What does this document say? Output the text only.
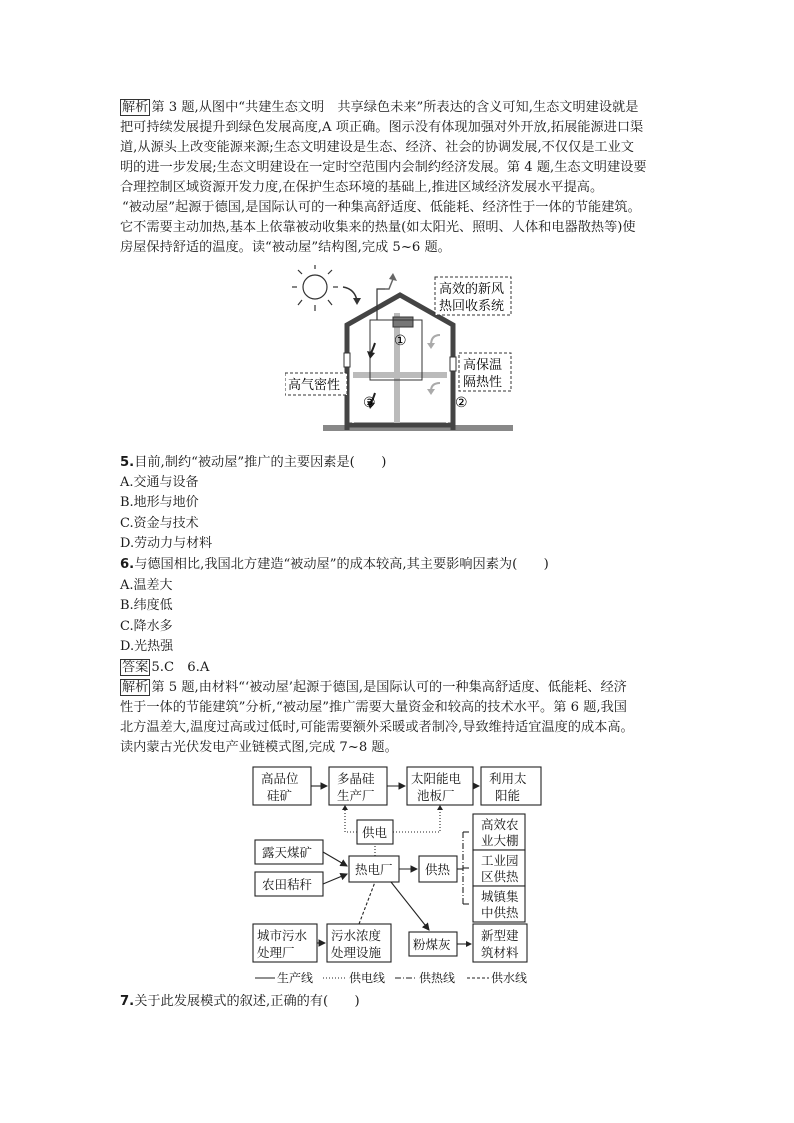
解析 第 3 题,从图中“共建生态文明　共享绿色未来”所表达的含义可知,生态文明建设就是

把可持续发展提升到绿色发展高度,A 项正确。图示没有体现加强对外开放,拓展能源进口渠

道,从源头上改变能源来源;生态文明建设是生态、经济、社会的协调发展,不仅仅是工业文

明的进一步发展;生态文明建设在一定时空范围内会制约经济发展。第 4 题,生态文明建设要

合理控制区域资源开发力度,在保护生态环境的基础上,推进区域经济发展水平提高。

“被动屋”起源于德国,是国际认可的一种集高舒适度、低能耗、经济性于一体的节能建筑。

它不需要主动加热,基本上依靠被动收集来的热量(如太阳光、照明、人体和电器散热等)使

房屋保持舒适的温度。读“被动屋”结构图,完成 5~6 题。

①
③	②
高效的新风
热回收系统
高保温
隔热性
高气密性

5.目前,制约“被动屋”推广的主要因素是(　　)

A.交通与设备

B.地形与地价

C.资金与技术

D.劳动力与材料

6.与德国相比,我国北方建造“被动屋”的成本较高,其主要影响因素为(　　)

A.温差大

B.纬度低

C.降水多

D.光热强

答案 5.C　6.A

解析 第 5 题,由材料“‘被动屋’起源于德国,是国际认可的一种集高舒适度、低能耗、经济

性于一体的节能建筑”分析,“被动屋”推广需要大量资金和较高的技术水平。第 6 题,我国

北方温差大,温度过高或过低时,可能需要额外采暖或者制冷,导致维持适宜温度的成本高。

读内蒙古光伏发电产业链模式图,完成 7~8 题。

高品位
硅矿
多晶硅
生产厂
太阳能电
池板厂
利用太
阳能
供电
露天煤矿
农田秸秆
热电厂	供热
高效农
业大棚
工业园
区供热
城镇集
中供热
城市污水
处理厂
污水浓度
处理设施
粉煤灰
新型建
筑材料
生产线	供电线	供热线	供水线

7.关于此发展模式的叙述,正确的有(　　)
